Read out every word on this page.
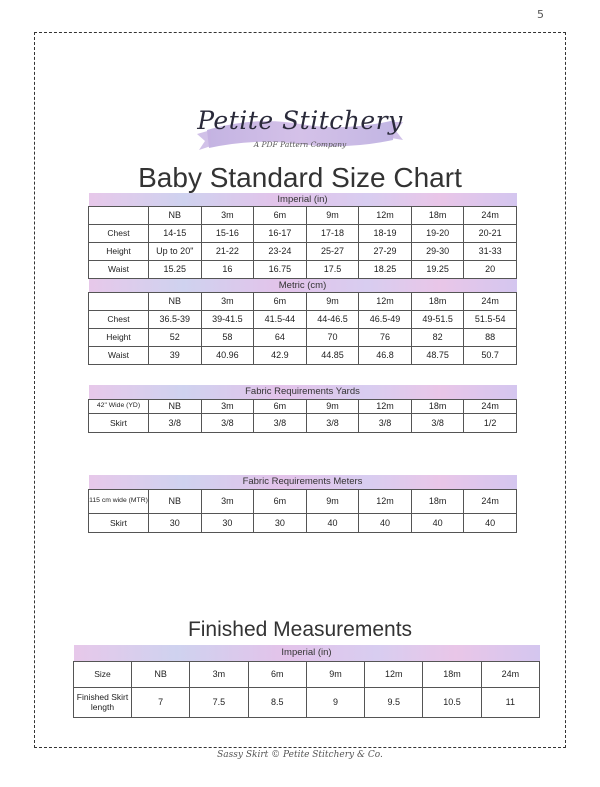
5
Petite Stitchery
A PDF Pattern Company
Baby Standard Size Chart
Imperial (in)							
	NB	3m	6m	9m	12m	18m	24m
Chest	14-15	15-16	16-17	17-18	18-19	19-20	20-21
Height	Up to 20"	21-22	23-24	25-27	27-29	29-30	31-33
Waist	15.25	16	16.75	17.5	18.25	19.25	20
Metric (cm)							
	NB	3m	6m	9m	12m	18m	24m
Chest	36.5-39	39-41.5	41.5-44	44-46.5	46.5-49	49-51.5	51.5-54
Height	52	58	64	70	76	82	88
Waist	39	40.96	42.9	44.85	46.8	48.75	50.7
Fabric Requirements Yards							
42" Wide (YD)	NB	3m	6m	9m	12m	18m	24m
Skirt	3/8	3/8	3/8	3/8	3/8	3/8	1/2
Fabric Requirements Meters							
115 cm wide (MTR)	NB	3m	6m	9m	12m	18m	24m
Skirt	30	30	30	40	40	40	40
Finished Measurements
Imperial (in)							
Size	NB	3m	6m	9m	12m	18m	24m
Finished Skirt length	7	7.5	8.5	9	9.5	10.5	11
Sassy Skirt © Petite Stitchery & Co.
